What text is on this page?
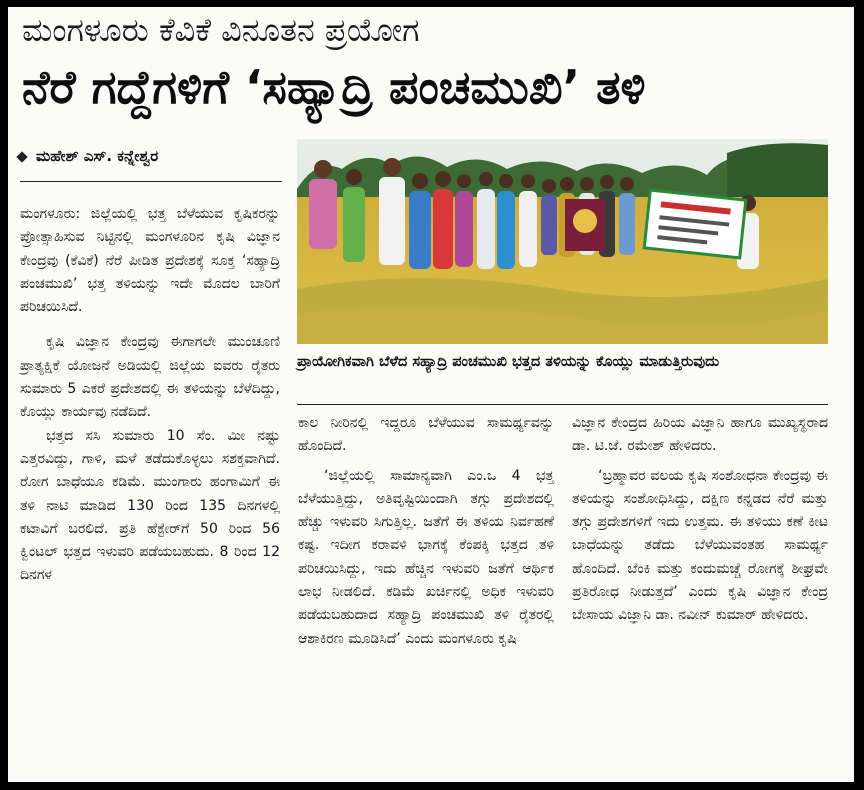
ಮಂಗಳೂರು ಕೆವಿಕೆ ವಿನೂತನ ಪ್ರಯೋಗ
ನೆರೆ ಗದ್ದೆಗಳಿಗೆ ‘ಸಹ್ಯಾದ್ರಿ ಪಂಚಮುಖಿ’ ತಳಿ
ಮಹೇಶ್ ಎಸ್. ಕನ್ನೇಶ್ವರ

ಮಂಗಳೂರು: ಜಿಲ್ಲೆಯಲ್ಲಿ ಭತ್ತ ಬೆಳೆಯುವ ಕೃಷಿಕರನ್ನು ಪ್ರೋತ್ಸಾಹಿಸುವ ನಿಟ್ಟಿನಲ್ಲಿ ಮಂಗಳೂರಿನ ಕೃಷಿ ವಿಜ್ಞಾನ ಕೇಂದ್ರವು (ಕೆವಿಕೆ) ನೆರೆ ಪೀಡಿತ ಪ್ರದೇಶಕ್ಕೆ ಸೂಕ್ತ ‘ಸಹ್ಯಾದ್ರಿ ಪಂಚಮುಖಿ’ ಭತ್ತ ತಳಿಯನ್ನು ಇದೇ ಮೊದಲ ಬಾರಿಗೆ ಪರಿಚಯಿಸಿದೆ.

ಕೃಷಿ ವಿಜ್ಞಾನ ಕೇಂದ್ರವು ಈಗಾಗಲೇ ಮುಂಚೂಣಿ ಪ್ರಾತ್ಯಕ್ಷಿಕೆ ಯೋಜನೆ ಅಡಿಯಲ್ಲಿ ಜಿಲ್ಲೆಯ ಐವರು ರೈತರು ಸುಮಾರು 5 ಎಕರೆ ಪ್ರದೇಶದಲ್ಲಿ ಈ ತಳಿಯನ್ನು ಬೆಳೆದಿದ್ದು, ಕೊಯ್ಲು ಕಾರ್ಯವು ನಡೆದಿದೆ.

ಭತ್ತದ ಸಸಿ ಸುಮಾರು 10 ಸೆಂ. ಮೀ ನಷ್ಟು ಎತ್ತರವಿದ್ದು, ಗಾಳಿ, ಮಳೆ ತಡೆದುಕೊಳ್ಳಲು ಸಶಕ್ತವಾಗಿದೆ. ರೋಗ ಬಾಧೆಯೂ ಕಡಿಮೆ. ಮುಂಗಾರು ಹಂಗಾಮಿಗೆ ಈ ತಳಿ ನಾಟಿ ಮಾಡಿದ 130 ರಿಂದ 135 ದಿನಗಳಲ್ಲಿ ಕಟಾವಿಗೆ ಬರಲಿದೆ. ಪ್ರತಿ ಹೆಕ್ಟೇರ್‌ಗೆ 50 ರಿಂದ 56 ಕ್ವಿಂಟಲ್ ಭತ್ತದ ಇಳುವರಿ ಪಡೆಯಬಹುದು. 8 ರಿಂದ 12 ದಿನಗಳ

ಪ್ರಾಯೋಗಿಕವಾಗಿ ಬೆಳೆದ ಸಹ್ಯಾದ್ರಿ ಪಂಚಮುಖಿ ಭತ್ತದ ತಳಿಯನ್ನು ಕೊಯ್ಲು ಮಾಡುತ್ತಿರುವುದು

ಕಾಲ ನೀರಿನಲ್ಲಿ ಇದ್ದರೂ ಬೆಳೆಯುವ ಸಾಮರ್ಥ್ಯವನ್ನು ಹೊಂದಿದೆ.

‘ಜಿಲ್ಲೆಯಲ್ಲಿ ಸಾಮಾನ್ಯವಾಗಿ ಎಂ.ಒ 4 ಭತ್ತ ಬೆಳೆಯುತ್ತಿದ್ದು, ಅತಿವೃಷ್ಟಿಯಿಂದಾಗಿ ತಗ್ಗು ಪ್ರದೇಶದಲ್ಲಿ ಹೆಚ್ಚು ಇಳುವರಿ ಸಿಗುತ್ತಿಲ್ಲ. ಜತೆಗೆ ಈ ತಳಿಯ ನಿರ್ವಹಣೆ ಕಷ್ಟ. ಇದೀಗ ಕರಾವಳಿ ಭಾಗಕ್ಕೆ ಕೆಂಪಕ್ಕಿ ಭತ್ತದ ತಳಿ ಪರಿಚಯಿಸಿದ್ದು, ಇದು ಹೆಚ್ಚಿನ ಇಳುವರಿ ಜತೆಗೆ ಆರ್ಥಿಕ ಲಾಭ ನೀಡಲಿದೆ. ಕಡಿಮೆ ಖರ್ಚಿನಲ್ಲಿ ಅಧಿಕ ಇಳುವರಿ ಪಡೆಯಬಹುದಾದ ಸಹ್ಯಾದ್ರಿ ಪಂಚಮುಖಿ ತಳಿ ರೈತರಲ್ಲಿ ಆಶಾಕಿರಣ ಮೂಡಿಸಿದೆ’ ಎಂದು ಮಂಗಳೂರು ಕೃಷಿ

ವಿಜ್ಞಾನ ಕೇಂದ್ರದ ಹಿರಿಯ ವಿಜ್ಞಾನಿ ಹಾಗೂ ಮುಖ್ಯಸ್ಥರಾದ ಡಾ. ಟಿ.ಜೆ. ರಮೇಶ್ ಹೇಳಿದರು.

‘ಬ್ರಹ್ಮಾವರ ವಲಯ ಕೃಷಿ ಸಂಶೋಧನಾ ಕೇಂದ್ರವು ಈ ತಳಿಯನ್ನು ಸಂಶೋಧಿಸಿದ್ದು, ದಕ್ಷಿಣ ಕನ್ನಡದ ನೆರೆ ಮತ್ತು ತಗ್ಗು ಪ್ರದೇಶಗಳಿಗೆ ಇದು ಉತ್ತಮ. ಈ ತಳಿಯು ಕಣೆ ಕೀಟ ಬಾಧೆಯನ್ನು ತಡೆದು ಬೆಳೆಯುವಂತಹ ಸಾಮರ್ಥ್ಯ ಹೊಂದಿದೆ. ಬೆಂಕಿ ಮತ್ತು ಕಂದುಮಚ್ಚೆ ರೋಗಕ್ಕೆ ಶೀಘ್ರವೇ ಪ್ರತಿರೋಧ ನೀಡುತ್ತದೆ’ ಎಂದು ಕೃಷಿ ವಿಜ್ಞಾನ ಕೇಂದ್ರ ಬೇಸಾಯ ವಿಜ್ಞಾನಿ ಡಾ. ನವೀನ್ ಕುಮಾರ್ ಹೇಳಿದರು.
